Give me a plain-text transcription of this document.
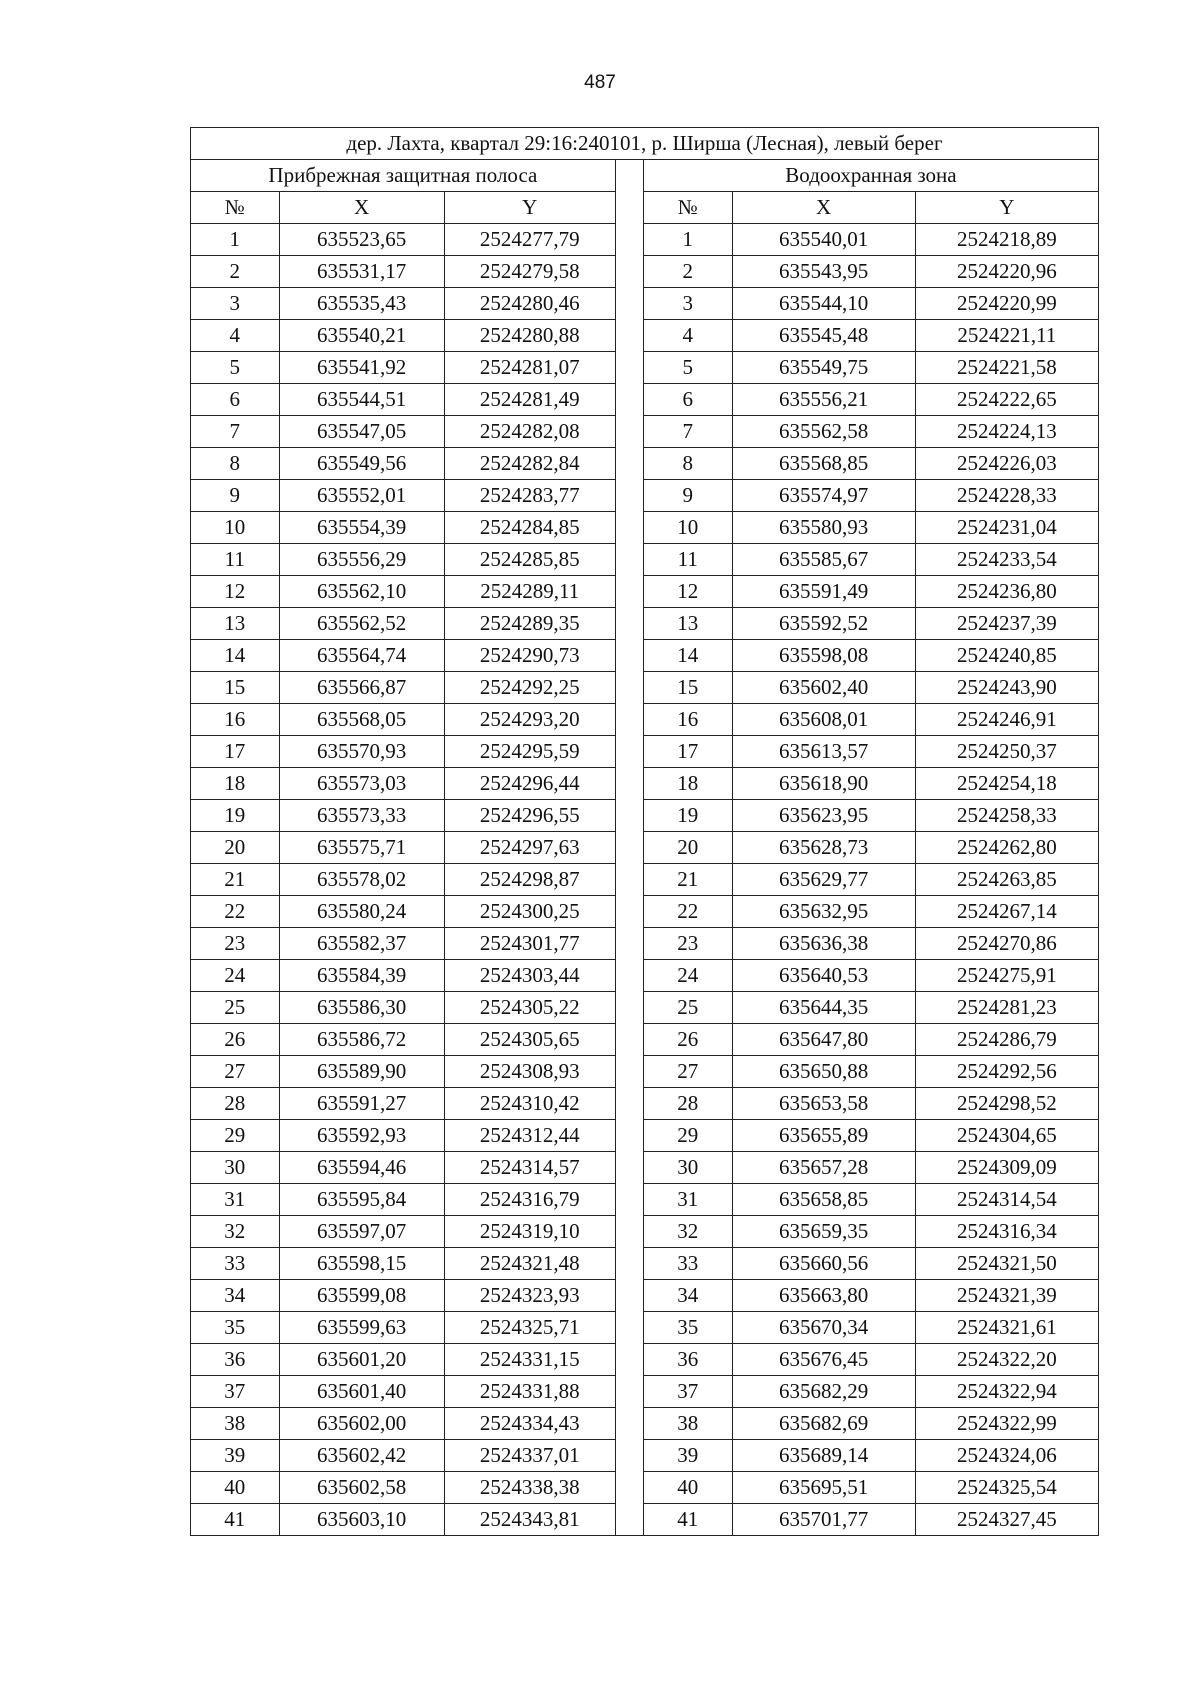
487
дер. Лахта, квартал 29:16:240101, р. Ширша (Лесная), левый берег						
Прибрежная защитная полоса				Водоохранная зона		
№	X	Y		№	X	Y
1	635523,65	2524277,79		1	635540,01	2524218,89
2	635531,17	2524279,58		2	635543,95	2524220,96
3	635535,43	2524280,46		3	635544,10	2524220,99
4	635540,21	2524280,88		4	635545,48	2524221,11
5	635541,92	2524281,07		5	635549,75	2524221,58
6	635544,51	2524281,49		6	635556,21	2524222,65
7	635547,05	2524282,08		7	635562,58	2524224,13
8	635549,56	2524282,84		8	635568,85	2524226,03
9	635552,01	2524283,77		9	635574,97	2524228,33
10	635554,39	2524284,85		10	635580,93	2524231,04
11	635556,29	2524285,85		11	635585,67	2524233,54
12	635562,10	2524289,11		12	635591,49	2524236,80
13	635562,52	2524289,35		13	635592,52	2524237,39
14	635564,74	2524290,73		14	635598,08	2524240,85
15	635566,87	2524292,25		15	635602,40	2524243,90
16	635568,05	2524293,20		16	635608,01	2524246,91
17	635570,93	2524295,59		17	635613,57	2524250,37
18	635573,03	2524296,44		18	635618,90	2524254,18
19	635573,33	2524296,55		19	635623,95	2524258,33
20	635575,71	2524297,63		20	635628,73	2524262,80
21	635578,02	2524298,87		21	635629,77	2524263,85
22	635580,24	2524300,25		22	635632,95	2524267,14
23	635582,37	2524301,77		23	635636,38	2524270,86
24	635584,39	2524303,44		24	635640,53	2524275,91
25	635586,30	2524305,22		25	635644,35	2524281,23
26	635586,72	2524305,65		26	635647,80	2524286,79
27	635589,90	2524308,93		27	635650,88	2524292,56
28	635591,27	2524310,42		28	635653,58	2524298,52
29	635592,93	2524312,44		29	635655,89	2524304,65
30	635594,46	2524314,57		30	635657,28	2524309,09
31	635595,84	2524316,79		31	635658,85	2524314,54
32	635597,07	2524319,10		32	635659,35	2524316,34
33	635598,15	2524321,48		33	635660,56	2524321,50
34	635599,08	2524323,93		34	635663,80	2524321,39
35	635599,63	2524325,71		35	635670,34	2524321,61
36	635601,20	2524331,15		36	635676,45	2524322,20
37	635601,40	2524331,88		37	635682,29	2524322,94
38	635602,00	2524334,43		38	635682,69	2524322,99
39	635602,42	2524337,01		39	635689,14	2524324,06
40	635602,58	2524338,38		40	635695,51	2524325,54
41	635603,10	2524343,81		41	635701,77	2524327,45
